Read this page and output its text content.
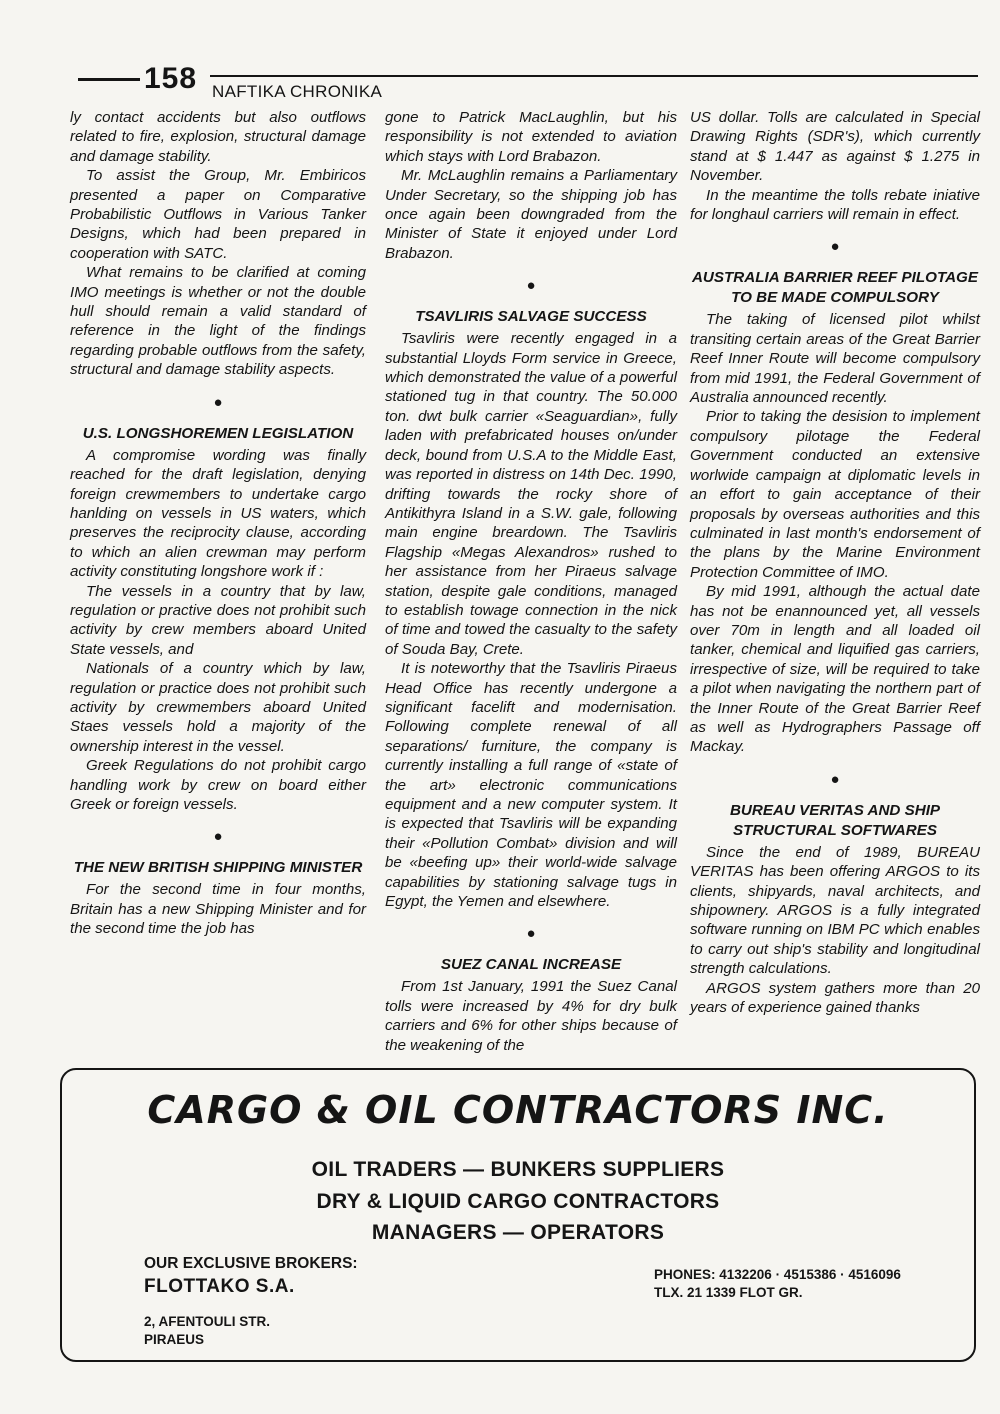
158 NAFTIKA CHRONIKA

ly contact accidents but also outflows related to fire, explosion, structural damage and damage stability.

To assist the Group, Mr. Embiricos presented a paper on Comparative Probabilistic Outflows in Various Tanker Designs, which had been prepared in cooperation with SATC.

What remains to be clarified at coming IMO meetings is whether or not the double hull should remain a valid standard of reference in the light of the findings regarding probable outflows from the safety, structural and damage stability aspects.

●
U.S. LONGSHOREMEN LEGISLATION

A compromise wording was finally reached for the draft legislation, denying foreign crewmembers to undertake cargo hanlding on vessels in US waters, which preserves the reciprocity clause, according to which an alien crewman may perform activity constituting longshore work if :

The vessels in a country that by law, regulation or practive does not prohibit such activity by crew members aboard United State vessels, and

Nationals of a country which by law, regulation or practice does not prohibit such activity by crewmembers aboard United Staes vessels hold a majority of the ownership interest in the vessel.

Greek Regulations do not prohibit cargo handling work by crew on board either Greek or foreign vessels.

●
THE NEW BRITISH SHIPPING MINISTER

For the second time in four months, Britain has a new Shipping Minister and for the second time the job has

gone to Patrick MacLaughlin, but his responsibility is not extended to aviation which stays with Lord Brabazon.

Mr. McLaughlin remains a Parliamentary Under Secretary, so the shipping job has once again been downgraded from the Minister of State it enjoyed under Lord Brabazon.

●
TSAVLIRIS SALVAGE SUCCESS

Tsavliris were recently engaged in a substantial Lloyds Form service in Greece, which demonstrated the value of a powerful stationed tug in that country. The 50.000 ton. dwt bulk carrier «Seaguardian», fully laden with prefabricated houses on/under deck, bound from U.S.A to the Middle East, was reported in distress on 14th Dec. 1990, drifting towards the rocky shore of Antikithyra Island in a S.W. gale, following main engine breardown. The Tsavliris Flagship «Megas Alexandros» rushed to her assistance from her Piraeus salvage station, despite gale conditions, managed to establish towage connection in the nick of time and towed the casualty to the safety of Souda Bay, Crete.

It is noteworthy that the Tsavliris Piraeus Head Office has recently undergone a significant facelift and modernisation. Following complete renewal of all separations/ furniture, the company is currently installing a full range of «state of the art» electronic communications equipment and a new computer system. It is expected that Tsavliris will be expanding their «Pollution Combat» division and will be «beefing up» their world-wide salvage capabilities by stationing salvage tugs in Egypt, the Yemen and elsewhere.

●
SUEZ CANAL INCREASE

From 1st January, 1991 the Suez Canal tolls were increased by 4% for dry bulk carriers and 6% for other ships because of the weakening of the

US dollar. Tolls are calculated in Special Drawing Rights (SDR's), which currently stand at $ 1.447 as against $ 1.275 in November.

In the meantime the tolls rebate iniative for longhaul carriers will remain in effect.

●
AUSTRALIA BARRIER REEF PILOTAGE TO BE MADE COMPULSORY

The taking of licensed pilot whilst transiting certain areas of the Great Barrier Reef Inner Route will become compulsory from mid 1991, the Federal Government of Australia announced recently.

Prior to taking the desision to implement compulsory pilotage the Federal Government conducted an extensive worlwide campaign at diplomatic levels in an effort to gain acceptance of their proposals by overseas authorities and this culminated in last month's endorsement of the plans by the Marine Environment Protection Committee of IMO.

By mid 1991, although the actual date has not be enannounced yet, all vessels over 70m in length and all loaded oil tanker, chemical and liquified gas carriers, irrespective of size, will be required to take a pilot when navigating the northern part of the Inner Route of the Great Barrier Reef as well as Hydrographers Passage off Mackay.

●
BUREAU VERITAS AND SHIP STRUCTURAL SOFTWARES

Since the end of 1989, BUREAU VERITAS has been offering ARGOS to its clients, shipyards, naval architects, and shipownery. ARGOS is a fully integrated software running on IBM PC which enables to carry out ship's stability and longitudinal strength calculations.

ARGOS system gathers more than 20 years of experience gained thanks

CARGO & OIL CONTRACTORS INC.
OIL TRADERS — BUNKERS SUPPLIERS
DRY & LIQUID CARGO CONTRACTORS
MANAGERS — OPERATORS
OUR EXCLUSIVE BROKERS:
FLOTTAKO S.A.
2, AFENTOULI STR.
PIRAEUS
PHONES: 4132206 · 4515386 · 4516096
TLX. 21 1339 FLOT GR.
